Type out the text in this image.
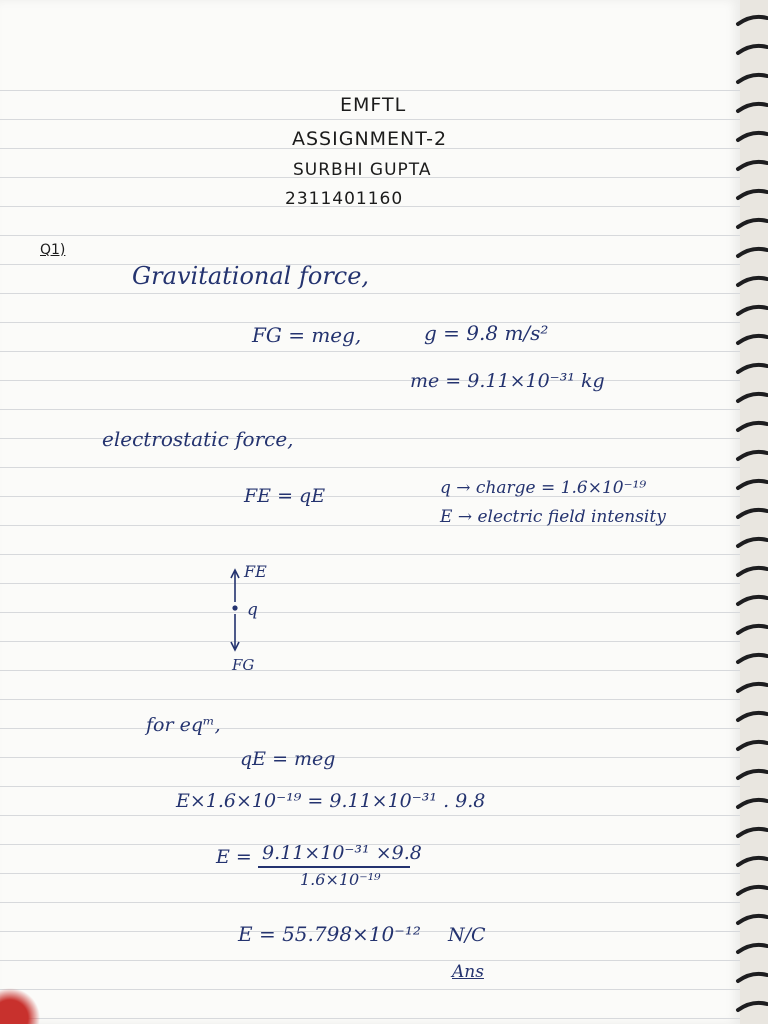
EMFTL
ASSIGNMENT-2
SURBHI GUPTA
2311401160
Q1)
Gravitational force,
FG = meg,	g = 9.8 m/s²
me = 9.11×10⁻³¹ kg
electrostatic force,
FE = qE	q → charge = 1.6×10⁻¹⁹
E → electric field intensity
FE
q
FG
for eqᵐ,
qE = meg
E×1.6×10⁻¹⁹ = 9.11×10⁻³¹ . 9.8
E = 9.11×10⁻³¹ ×9.8
1.6×10⁻¹⁹
E = 55.798×10⁻¹² N/C
Ans
